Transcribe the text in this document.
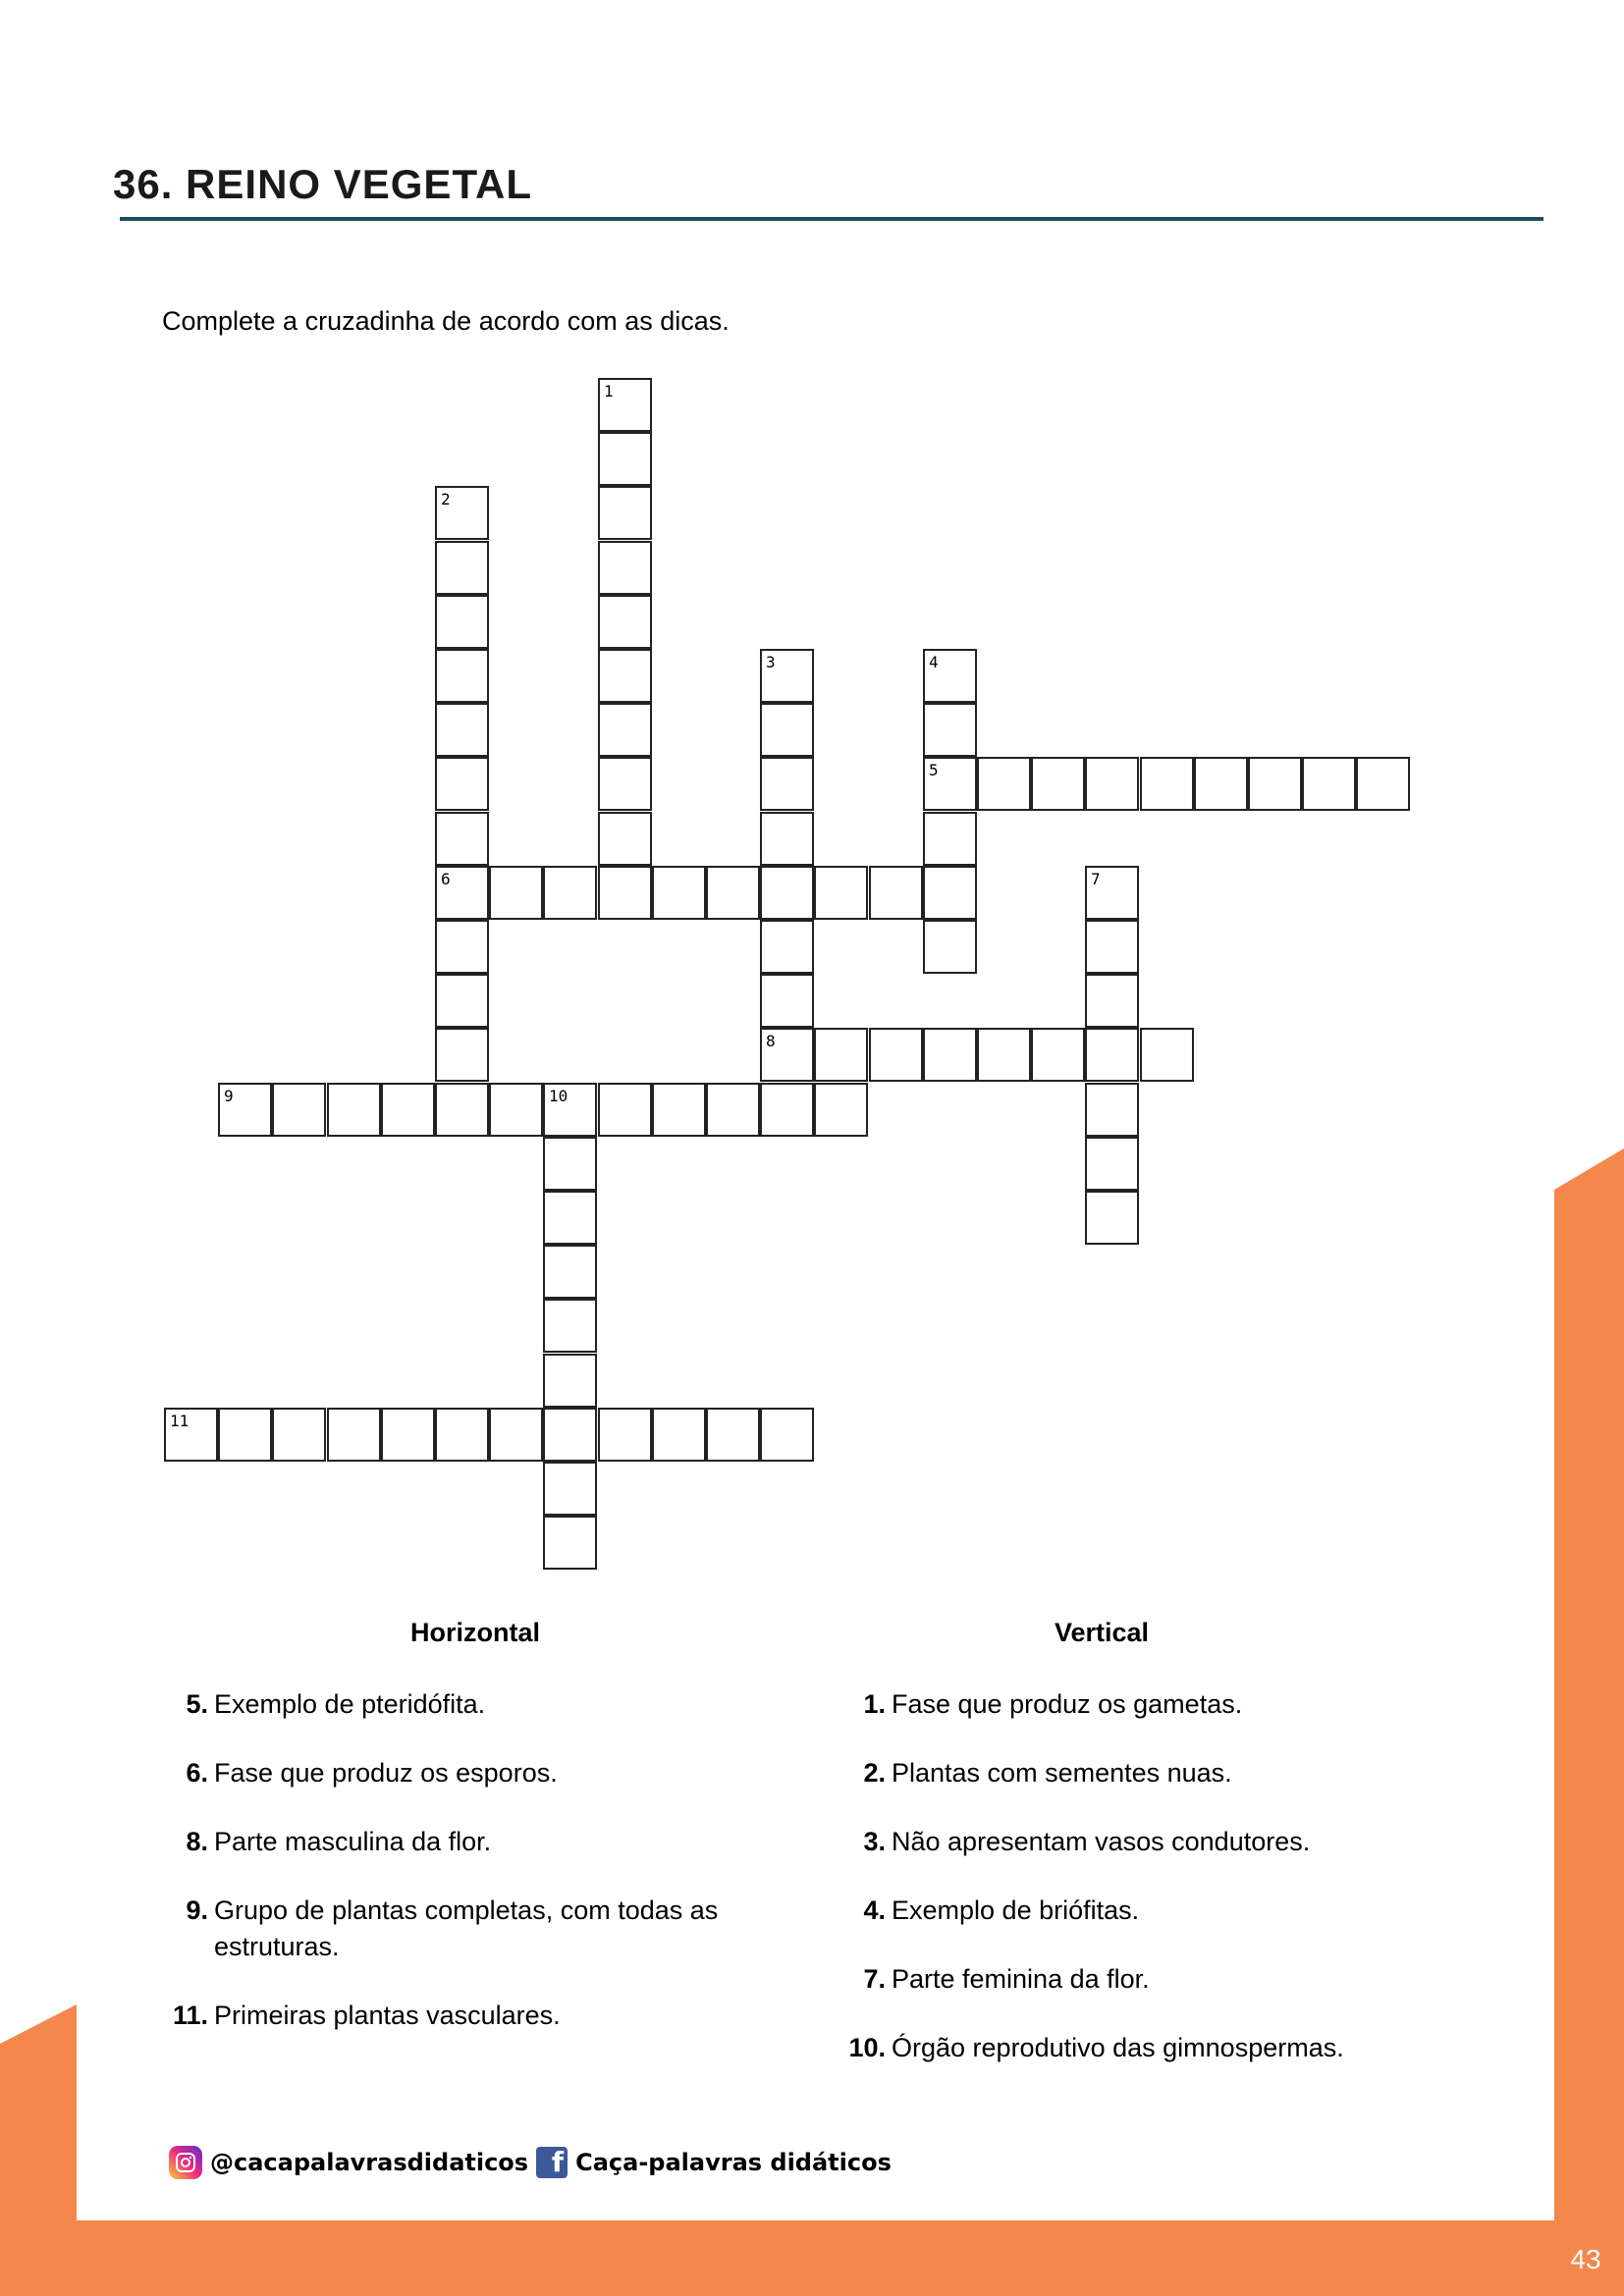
43
36. REINO VEGETAL
Complete a cruzadinha de acordo com as dicas.
1
2
6
3
8
4
5
7
9	10
11
Horizontal	Vertical
5. Exemplo de pteridófita.
6. Fase que produz os esporos.
8. Parte masculina da flor.
9. Grupo de plantas completas, com todas as estruturas.
11. Primeiras plantas vasculares.
1. Fase que produz os gametas.
2. Plantas com sementes nuas.
3. Não apresentam vasos condutores.
4. Exemplo de briófitas.
7. Parte feminina da flor.
10. Órgão reprodutivo das gimnospermas.
@cacapalavrasdidaticos f Caça-palavras didáticos
